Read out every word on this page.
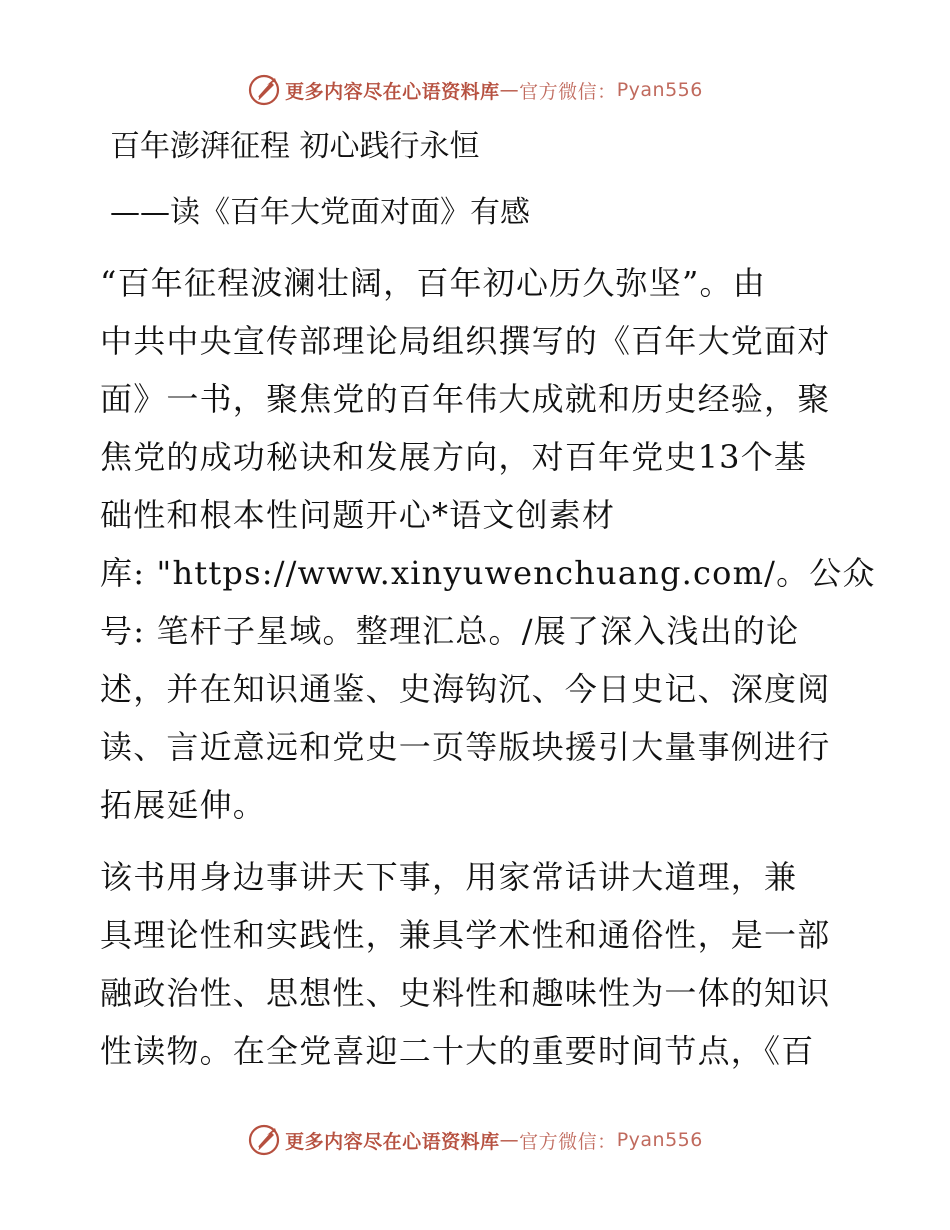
更多内容尽在心语资料库 — 官方微信： Pyan556
百年澎湃征程 初心践行永恒
——读《百年大党面对面》有感

“百年征程波澜壮阔，百年初心历久弥坚”。由
中共中央宣传部理论局组织撰写的《百年大党面对
面》一书，聚焦党的百年伟大成就和历史经验，聚
焦党的成功秘诀和发展方向，对百年党史13个基
础性和根本性问题开心*语文创素材
库: "https://www.xinyuwenchuang.com/。公众
号: 笔杆子星域。整理汇总。/展了深入浅出的论
述，并在知识通鉴、史海钩沉、今日史记、深度阅
读、言近意远和党史一页等版块援引大量事例进行
拓展延伸。

该书用身边事讲天下事，用家常话讲大道理，兼
具理论性和实践性，兼具学术性和通俗性，是一部
融政治性、思想性、史料性和趣味性为一体的知识
性读物。在全党喜迎二十大的重要时间节点，《百

更多内容尽在心语资料库 — 官方微信： Pyan556
